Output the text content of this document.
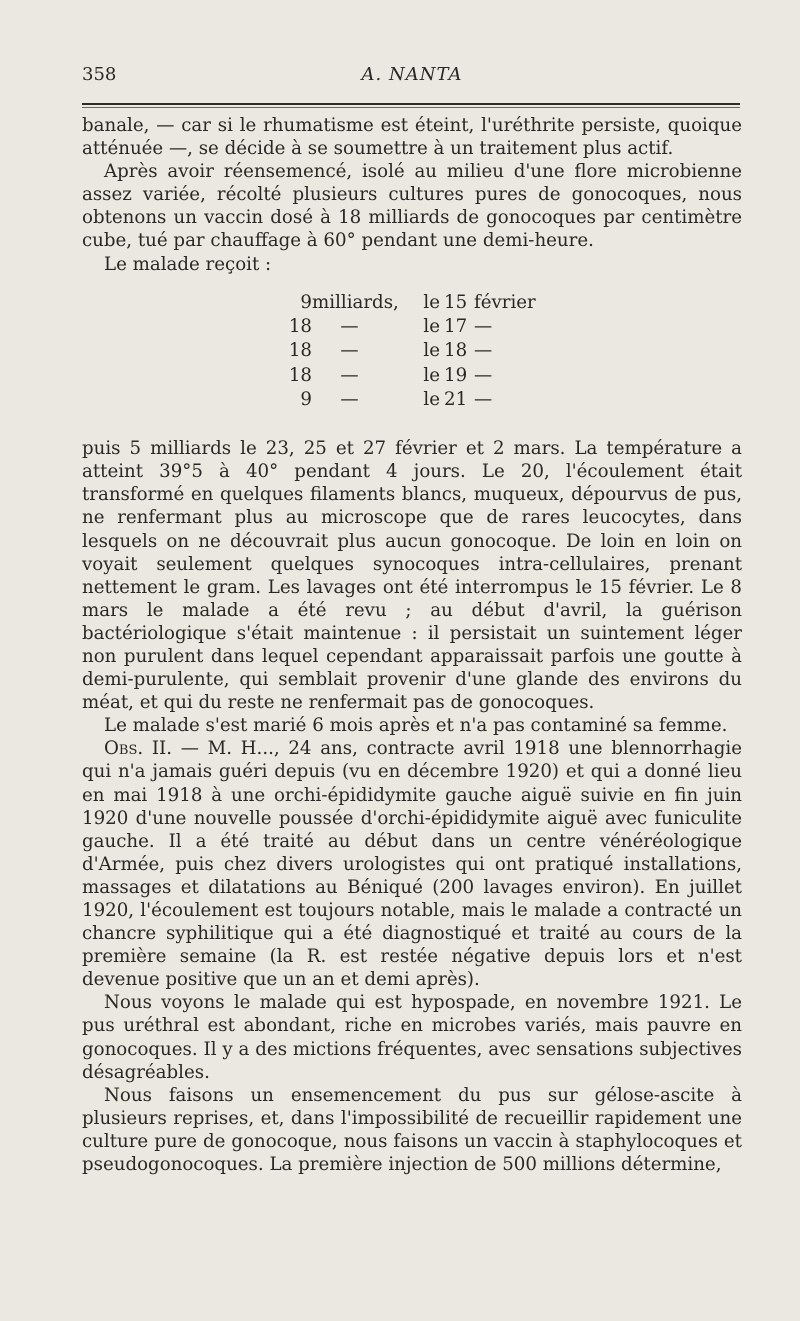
358	A. NANTA

banale, — car si le rhumatisme est éteint, l'uréthrite persiste, quoique atténuée —, se décide à se soumettre à un traitement plus actif.

Après avoir réensemencé, isolé au milieu d'une flore microbienne assez variée, récolté plusieurs cultures pures de gonocoques, nous obtenons un vaccin dosé à 18 milliards de gonocoques par centimètre cube, tué par chauffage à 60° pendant une demi-heure.

Le malade reçoit :

9 milliards,	le 15 février
18	—	le 17 —
18	—	le 18 —
18	—	le 19 —
9	—	le 21 —

puis 5 milliards le 23, 25 et 27 février et 2 mars. La température a atteint 39°5 à 40° pendant 4 jours. Le 20, l'écoulement était transformé en quelques filaments blancs, muqueux, dépourvus de pus, ne renfermant plus au microscope que de rares leucocytes, dans lesquels on ne découvrait plus aucun gonocoque. De loin en loin on voyait seulement quelques synocoques intra-cellulaires, prenant nettement le gram. Les lavages ont été interrompus le 15 février. Le 8 mars le malade a été revu ; au début d'avril, la guérison bactériologique s'était maintenue : il persistait un suintement léger non purulent dans lequel cependant apparaissait parfois une goutte à demi-purulente, qui semblait provenir d'une glande des environs du méat, et qui du reste ne renfermait pas de gonocoques.

Le malade s'est marié 6 mois après et n'a pas contaminé sa femme.

Obs. II. — M. H..., 24 ans, contracte avril 1918 une blennorrhagie qui n'a jamais guéri depuis (vu en décembre 1920) et qui a donné lieu en mai 1918 à une orchi-épididymite gauche aiguë suivie en fin juin 1920 d'une nouvelle poussée d'orchi-épididymite aiguë avec funiculite gauche. Il a été traité au début dans un centre vénéréologique d'Armée, puis chez divers urologistes qui ont pratiqué installations, massages et dilatations au Béniqué (200 lavages environ). En juillet 1920, l'écoulement est toujours notable, mais le malade a contracté un chancre syphilitique qui a été diagnostiqué et traité au cours de la première semaine (la R. est restée négative depuis lors et n'est devenue positive que un an et demi après).

Nous voyons le malade qui est hypospade, en novembre 1921. Le pus uréthral est abondant, riche en microbes variés, mais pauvre en gonocoques. Il y a des mictions fréquentes, avec sensations subjectives désagréables.

Nous faisons un ensemencement du pus sur gélose-ascite à plusieurs reprises, et, dans l'impossibilité de recueillir rapidement une culture pure de gonocoque, nous faisons un vaccin à staphylocoques et pseudogonocoques. La première injection de 500 millions détermine,
